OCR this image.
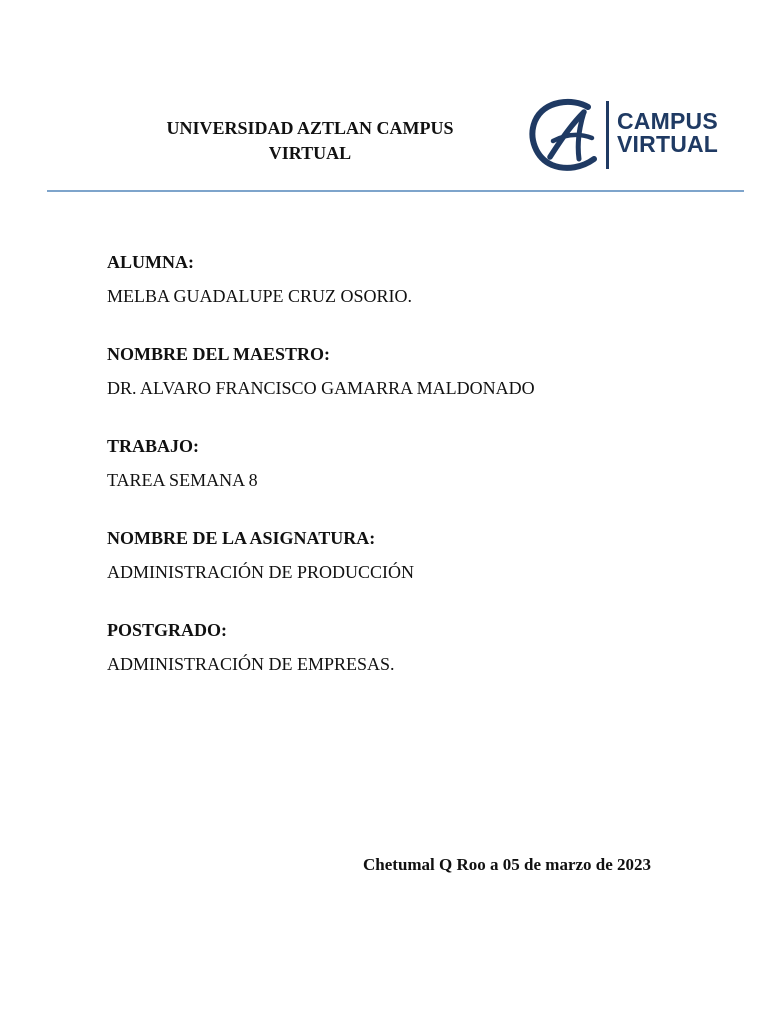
UNIVERSIDAD AZTLAN CAMPUS
VIRTUAL
CAMPUS
VIRTUAL
ALUMNA:
MELBA GUADALUPE CRUZ OSORIO.
NOMBRE DEL MAESTRO:
DR. ALVARO FRANCISCO GAMARRA MALDONADO
TRABAJO:
TAREA SEMANA 8
NOMBRE DE LA ASIGNATURA:
ADMINISTRACIÓN DE PRODUCCIÓN
POSTGRADO:
ADMINISTRACIÓN DE EMPRESAS.
Chetumal Q Roo a 05 de marzo de 2023
